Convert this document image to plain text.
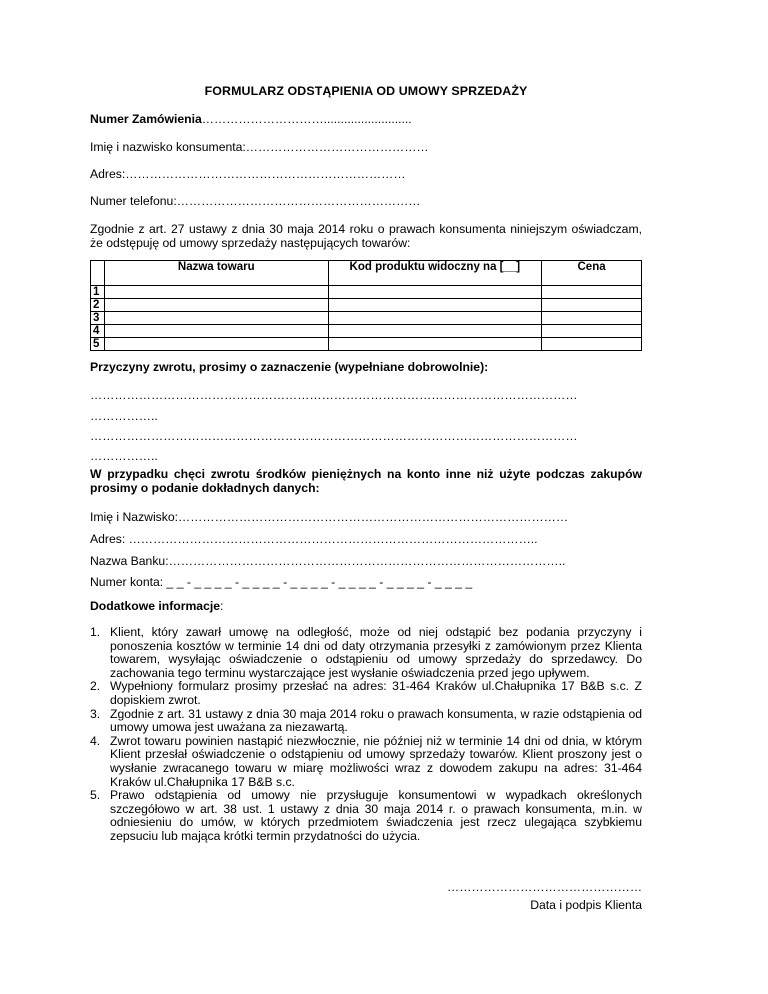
FORMULARZ ODSTĄPIENIA OD UMOWY SPRZEDAŻY
Numer Zamówienia…………………………..........................
Imię i nazwisko konsumenta:………………………………………
Adres:……………………………………………………………
Numer telefonu:……………………………………………………
Zgodnie z art. 27 ustawy z dnia 30 maja 2014 roku o prawach konsumenta niniejszym oświadczam, że odstępuję od umowy sprzedaży następujących towarów:
	Nazwa towaru	Kod produktu widoczny na [__]	Cena
1			
2			
3			
4			
5			
Przyczyny zwrotu, prosimy o zaznaczenie (wypełniane dobrowolnie):
…………………………………………………………………………………………………………
……………..
…………………………………………………………………………………………………………
……………..
W przypadku chęci zwrotu środków pieniężnych na konto inne niż użyte podczas zakupów prosimy o podanie dokładnych danych:
Imię i Nazwisko:……………………………………………………………………………………
Adres: ………………………………………………………………………………………..
Nazwa Banku:……………………………………………………………………………………..
Numer konta: _ _ - _ _ _ _ - _ _ _ _ - _ _ _ _ - _ _ _ _ - _ _ _ _ - _ _ _ _
Dodatkowe informacje:
1. Klient, który zawarł umowę na odległość, może od niej odstąpić bez podania przyczyny i ponoszenia kosztów w terminie 14 dni od daty otrzymania przesyłki z zamówionym przez Klienta towarem, wysyłając oświadczenie o odstąpieniu od umowy sprzedaży do sprzedawcy. Do zachowania tego terminu wystarczające jest wysłanie oświadczenia przed jego upływem.
2. Wypełniony formularz prosimy przesłać na adres: 31-464 Kraków ul.Chałupnika 17 B&B s.c. Z dopiskiem zwrot.
3. Zgodnie z art. 31 ustawy z dnia 30 maja 2014 roku o prawach konsumenta, w razie odstąpienia od umowy umowa jest uważana za niezawartą.
4. Zwrot towaru powinien nastąpić niezwłocznie, nie później niż w terminie 14 dni od dnia, w którym Klient przesłał oświadczenie o odstąpieniu od umowy sprzedaży towarów. Klient proszony jest o wysłanie zwracanego towaru w miarę możliwości wraz z dowodem zakupu na adres: 31-464 Kraków ul.Chałupnika 17 B&B s.c.
5. Prawo odstąpienia od umowy nie przysługuje konsumentowi w wypadkach określonych szczegółowo w art. 38 ust. 1 ustawy z dnia 30 maja 2014 r. o prawach konsumenta, m.in. w odniesieniu do umów, w których przedmiotem świadczenia jest rzecz ulegająca szybkiemu zepsuciu lub mająca krótki termin przydatności do użycia.
…………………………………………
Data i podpis Klienta
